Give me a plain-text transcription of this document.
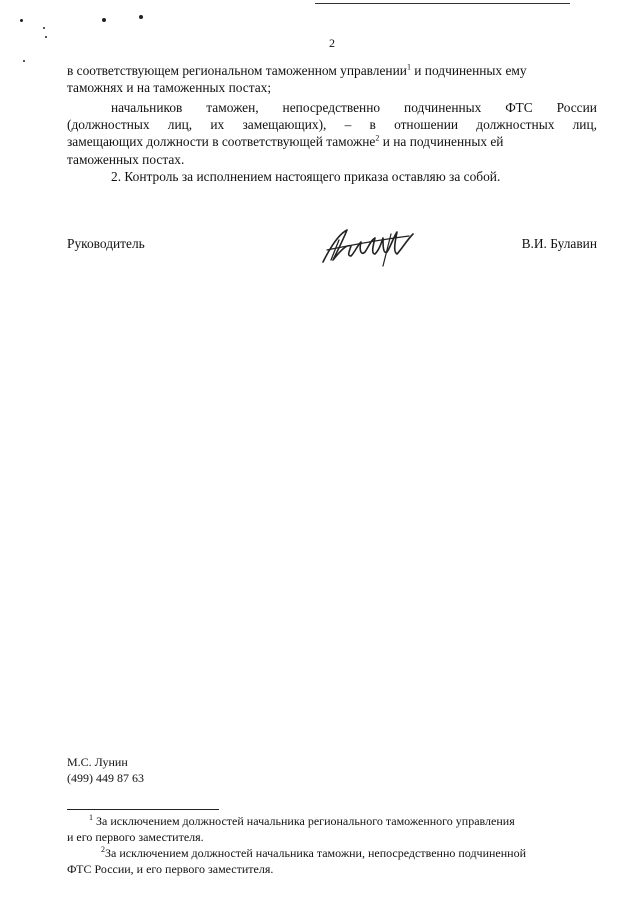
2
в соответствующем региональном таможенном управлении$^1$ и подчиненных ему
таможнях и на таможенных постах;
начальников таможен, непосредственно подчиненных ФТС России
(должностных лиц, их замещающих), – в отношении должностных лиц,
замещающих должности в соответствующей таможне$^2$ и на подчиненных ей
таможенных постах.
2. Контроль за исполнением настоящего приказа оставляю за собой.
Руководитель	В.И. Булавин
М.С. Лунин
(499) 449 87 63
$^1$ За исключением должностей начальника регионального таможенного управления
и его первого заместителя.
$^2$За исключением должностей начальника таможни, непосредственно подчиненной
ФТС России, и его первого заместителя.
